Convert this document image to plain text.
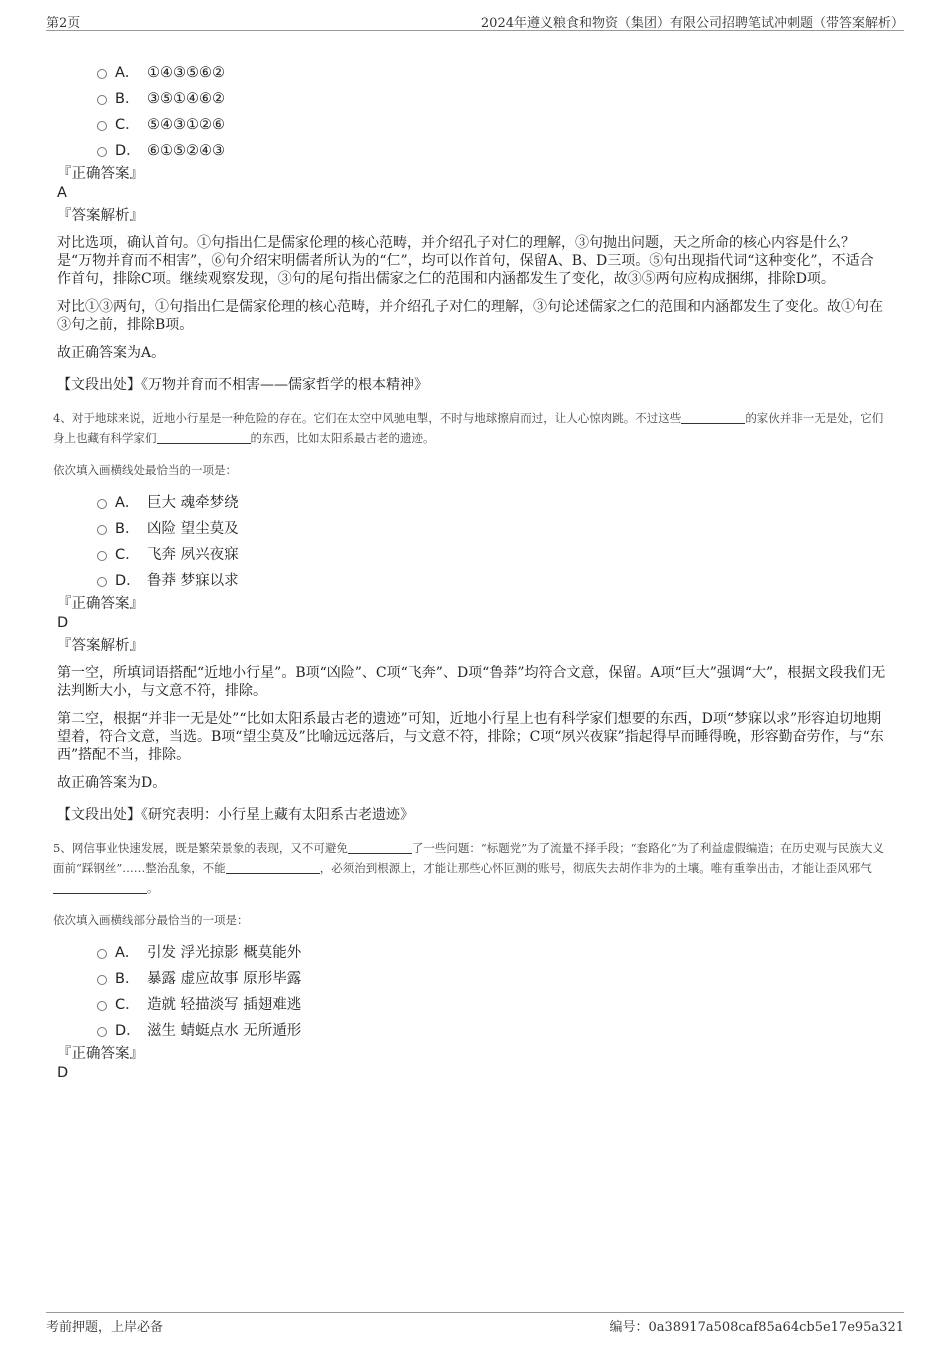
第2页	2024年遵义粮食和物资（集团）有限公司招聘笔试冲刺题（带答案解析）
A． ①④③⑤⑥②
B． ③⑤①④⑥②
C． ⑤④③①②⑥
D． ⑥①⑤②④③

『正确答案』

A

『答案解析』

对比选项，确认首句。①句指出仁是儒家伦理的核心范畴，并介绍孔子对仁的理解，③句抛出问题，天之所命的核心内容是什么？是“万物并育而不相害”，⑥句介绍宋明儒者所认为的“仁”，均可以作首句，保留A、B、D三项。⑤句出现指代词“这种变化”，不适合作首句，排除C项。继续观察发现，③句的尾句指出儒家之仁的范围和内涵都发生了变化，故③⑤两句应构成捆绑，排除D项。

对比①③两句，①句指出仁是儒家伦理的核心范畴，并介绍孔子对仁的理解，③句论述儒家之仁的范围和内涵都发生了变化。故①句在③句之前，排除B项。

故正确答案为A。

【文段出处】《万物并育而不相害——儒家哲学的根本精神》

4、对于地球来说，近地小行星是一种危险的存在。它们在太空中风驰电掣，不时与地球擦肩而过，让人心惊肉跳。不过这些	的家伙并非一无是处，它们身上也藏有科学家们	的东西，比如太阳系最古老的遗迹。

依次填入画横线处最恰当的一项是：

A． 巨大 魂牵梦绕
B． 凶险 望尘莫及
C． 飞奔 夙兴夜寐
D． 鲁莽 梦寐以求

『正确答案』

D

『答案解析』

第一空，所填词语搭配“近地小行星”。B项“凶险”、C项“飞奔”、D项“鲁莽”均符合文意，保留。A项“巨大”强调“大”，根据文段我们无法判断大小，与文意不符，排除。

第二空，根据“并非一无是处”“比如太阳系最古老的遗迹”可知，近地小行星上也有科学家们想要的东西，D项“梦寐以求”形容迫切地期望着，符合文意，当选。B项“望尘莫及”比喻远远落后，与文意不符，排除；C项“夙兴夜寐”指起得早而睡得晚，形容勤奋劳作，与“东西”搭配不当，排除。

故正确答案为D。

【文段出处】《研究表明：小行星上藏有太阳系古老遗迹》

5、网信事业快速发展，既是繁荣景象的表现，又不可避免	了一些问题：“标题党”为了流量不择手段；“套路化”为了利益虚假编造；在历史观与民族大义面前“踩钢丝”……整治乱象，不能	，必须治到根源上，才能让那些心怀叵测的账号，彻底失去胡作非为的土壤。唯有重拳出击，才能让歪风邪气。

依次填入画横线部分最恰当的一项是：

A． 引发 浮光掠影 概莫能外
B． 暴露 虚应故事 原形毕露
C． 造就 轻描淡写 插翅难逃
D． 滋生 蜻蜓点水 无所遁形

『正确答案』

D

考前押题，上岸必备	编号：0a38917a508caf85a64cb5e17e95a321
